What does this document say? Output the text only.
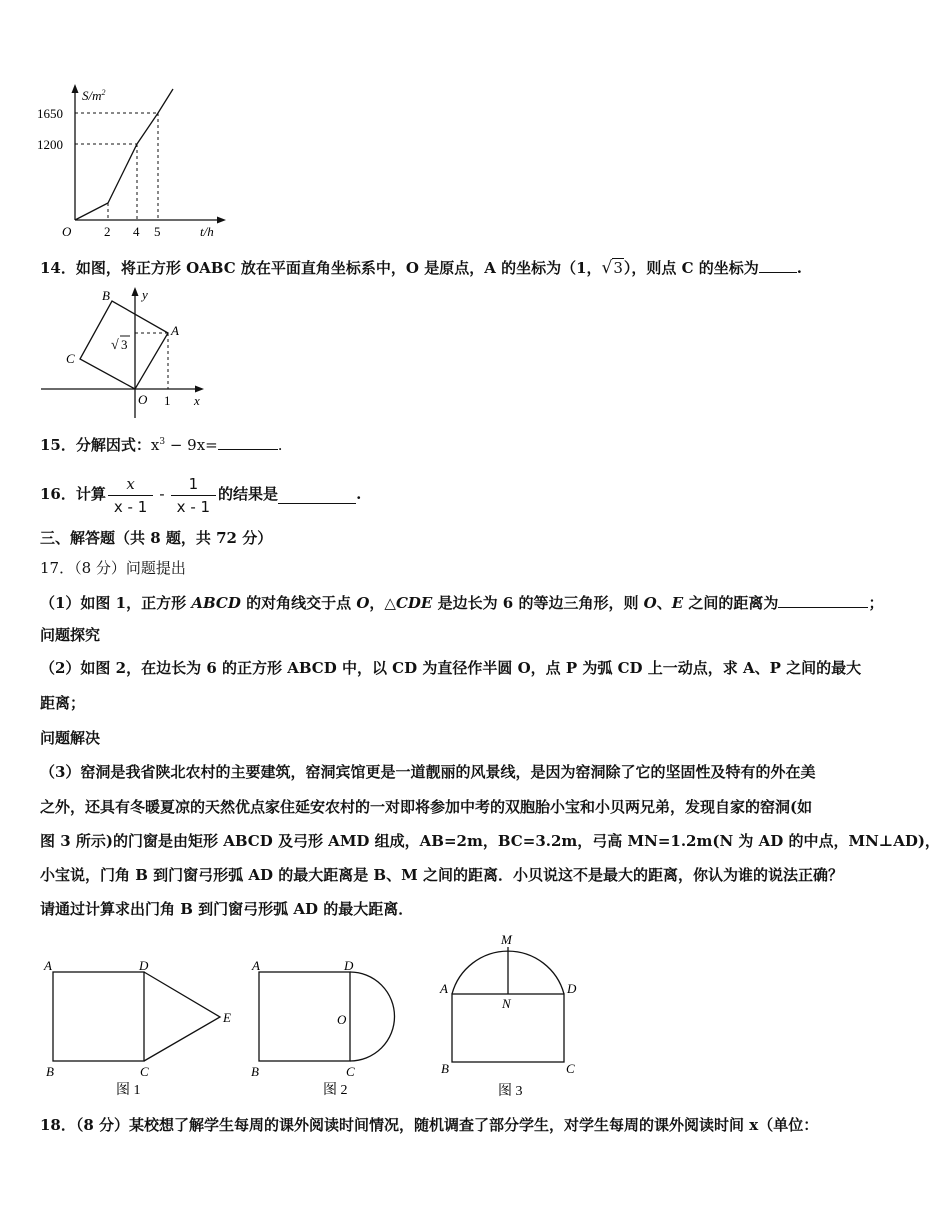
$S/m^2$
1650
1200
O	2 4 5	t/h
14．如图，将正方形 OABC 放在平面直角坐标系中，O 是原点，A 的坐标为（1，√3），则点 C 的坐标为	.
B y
A
C
√ 3
O 1 x
15．分解因式：$x^3 - 9x=$	.
16．计算 $\frac{x}{x - 1} - \frac{1}{x - 1}$ 的结果是	.
三、解答题（共 8 题，共 72 分）
17．（8 分）问题提出
（1）如图 1，正方形 ABCD 的对角线交于点 O，△CDE 是边长为 6 的等边三角形，则 O、E 之间的距离为	；
问题探究
（2）如图 2，在边长为 6 的正方形 ABCD 中，以 CD 为直径作半圆 O，点 P 为弧 CD 上一动点，求 A、P 之间的最大
距离；
问题解决
（3）窑洞是我省陕北农村的主要建筑，窑洞宾馆更是一道靓丽的风景线，是因为窑洞除了它的坚固性及特有的外在美
之外，还具有冬暖夏凉的天然优点家住延安农村的一对即将参加中考的双胞胎小宝和小贝两兄弟，发现自家的窑洞(如
图 3 所示)的门窗是由矩形 ABCD 及弓形 AMD 组成，AB=2m，BC=3.2m，弓高 MN=1.2m(N 为 AD 的中点，MN⊥AD)，
小宝说，门角 B 到门窗弓形弧 AD 的最大距离是 B、M 之间的距离．小贝说这不是最大的距离，你认为谁的说法正确？
请通过计算求出门角 B 到门窗弓形弧 AD 的最大距离．
A	D
E
B	C
图 1
A	D
O
B	C
图 2
M
A
N
D
B	C
图 3
18．（8 分）某校想了解学生每周的课外阅读时间情况，随机调查了部分学生，对学生每周的课外阅读时间 x（单位：
